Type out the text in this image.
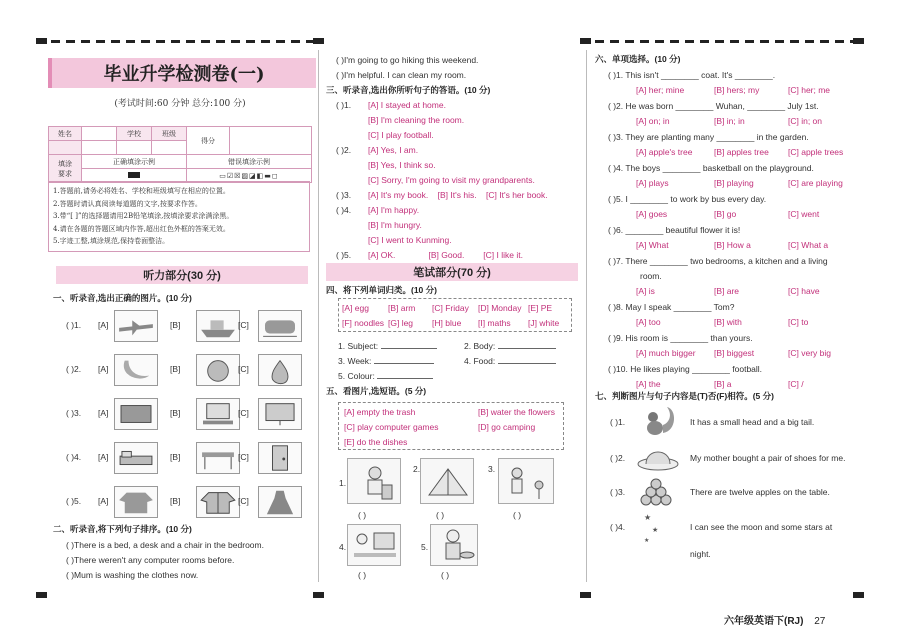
毕业升学检测卷(一)
(考试时间:60 分钟 总分:100 分)
姓名		学校	班级	得分	

填涂
要求	正确填涂示例			错误填涂示例	
				▭☑☒▨◪◧▬◻	
1.答题前,请务必将姓名、学校和班级填写在相应的位置。
2.答题时请认真阅读每道题的文字,按要求作答。
3.带“[ ]”的选择题请用2B铅笔填涂,按填涂要求涂满涂黑。
4.请在各题的答题区域内作答,超出红色外框的答案无效。
5.字迹工整,填涂规范,保持卷面整洁。
听力部分(30 分)
一、听录音,选出正确的图片。(10 分)
( )1. [A]	[B]	[C]
( )2. [A]	[B]	[C]
( )3. [A]	[B]	[C]
( )4. [A]	[B]	[C]
( )5. [A]	[B]	[C]
二、听录音,将下列句子排序。(10 分)
( )There is a bed, a desk and a chair in the bedroom.
( )There weren't any computer rooms before.
( )Mum is washing the clothes now.
( )I'm going to go hiking this weekend.
( )I'm helpful. I can clean my room.
三、听录音,选出你所听句子的答语。(10 分)
( )1. [A] I stayed at home.
[B] I'm cleaning the room.
[C] I play football.
( )2. [A] Yes, I am.
[B] Yes, I think so.
[C] Sorry, I'm going to visit my grandparents.
( )3. [A] It's my book.    [B] It's his.    [C] It's her book.
( )4. [A] I'm happy.
[B] I'm hungry.
[C] I went to Kunming.
( )5. [A] OK.              [B] Good.        [C] I like it.
笔试部分(70 分)
四、将下列单词归类。(10 分)
[A] egg [B] arm [C] Friday [D] Monday [E] PE
[F] noodles [G] leg [H] blue [I] maths [J] white
1. Subject:	2. Body:
3. Week:	4. Food:
5. Colour:
五、看图片,选短语。(5 分)
[A] empty the trash	[B] water the flowers
[C] play computer games	[D] go camping
[E] do the dishes
1.
( )
2.
( )
3.
( )
4.
( )
5.
( )
六、单项选择。(10 分)
( )1. This isn't ________ coat. It's ________.
[A] her; mine	[B] hers; my	[C] her; me
( )2. He was born ________ Wuhan, ________ July 1st.
[A] on; in	[B] in; in	[C] in; on
( )3. They are planting many ________ in the garden.
[A] apple's tree	[B] apples tree [C] apple trees
( )4. The boys ________ basketball on the playground.
[A] plays	[B] playing	[C] are playing
( )5. I ________ to work by bus every day.
[A] goes	[B] go	[C] went
( )6. ________ beautiful flower it is!
[A] What	[B] How a	[C] What a
( )7. There ________ two bedrooms, a kitchen and a living
room.
[A] is	[B] are	[C] have
( )8. May I speak ________ Tom?
[A] too	[B] with	[C] to
( )9. His room is ________ than yours.
[A] much bigger [B] biggest	[C] very big
( )10. He likes playing ________ football.
[A] the	[B] a	[C] /
七、判断图片与句子内容是(T)否(F)相符。(5 分)
( )1.	It has a small head and a big tail.
( )2.	My mother bought a pair of shoes for me.
( )3.	There are twelve apples on the table.
( )4.
★
★
★
I can see the moon and some stars at
night.
六年级英语下(RJ) 27
